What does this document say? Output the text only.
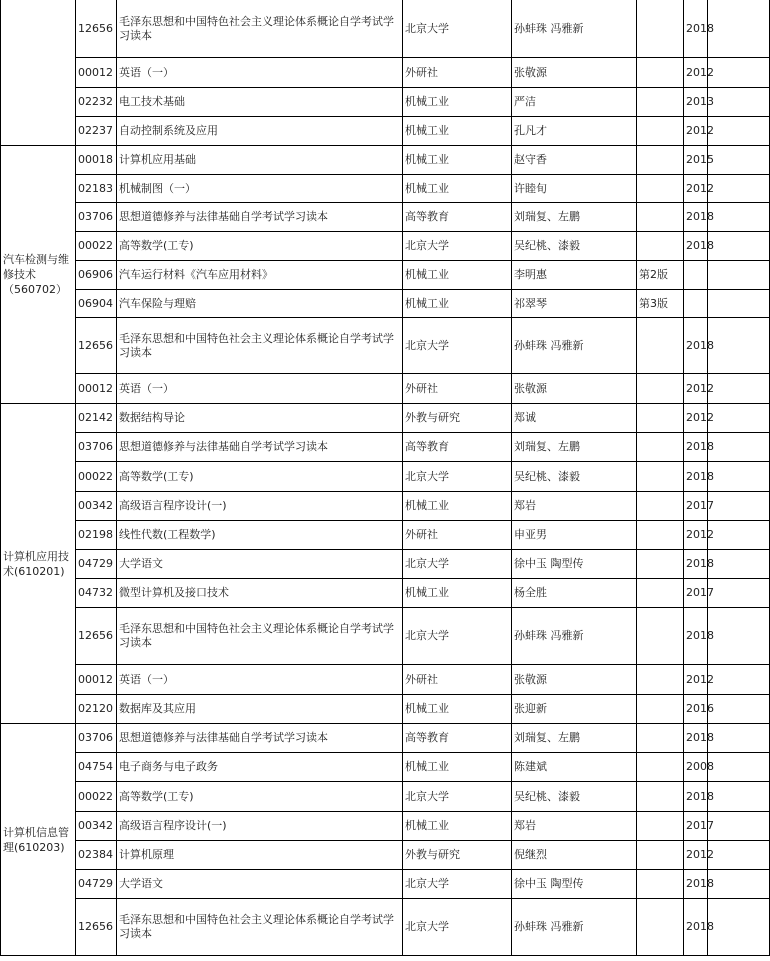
	12656	毛泽东思想和中国特色社会主义理论体系概论自学考试学习读本	北京大学	孙蚌珠 冯雅新		2018	
	00012	英语（一）	外研社	张敬源		2012	
	02232	电工技术基础	机械工业	严洁		2013	
	02237	自动控制系统及应用	机械工业	孔凡才		2012	
汽车检测与维修技术（560702）	00018	计算机应用基础	机械工业	赵守香		2015	
	02183	机械制图（一）	机械工业	许睦旬		2012	
	03706	思想道德修养与法律基础自学考试学习读本	高等教育	刘瑞复、左鹏		2018	
	00022	高等数学(工专)	北京大学	吴纪桃、漆毅		2018	
	06906	汽车运行材料《汽车应用材料》	机械工业	李明惠	第2版		
	06904	汽车保险与理赔	机械工业	祁翠琴	第3版		
	12656	毛泽东思想和中国特色社会主义理论体系概论自学考试学习读本	北京大学	孙蚌珠 冯雅新		2018	
	00012	英语（一）	外研社	张敬源		2012	
计算机应用技术(610201)	02142	数据结构导论	外教与研究	郑诚		2012	
	03706	思想道德修养与法律基础自学考试学习读本	高等教育	刘瑞复、左鹏		2018	
	00022	高等数学(工专)	北京大学	吴纪桃、漆毅		2018	
	00342	高级语言程序设计(一)	机械工业	郑岩		2017	
	02198	线性代数(工程数学)	外研社	申亚男		2012	
	04729	大学语文	北京大学	徐中玉 陶型传		2018	
	04732	微型计算机及接口技术	机械工业	杨全胜		2017	
	12656	毛泽东思想和中国特色社会主义理论体系概论自学考试学习读本	北京大学	孙蚌珠 冯雅新		2018	
	00012	英语（一）	外研社	张敬源		2012	
	02120	数据库及其应用	机械工业	张迎新		2016	
计算机信息管理(610203)	03706	思想道德修养与法律基础自学考试学习读本	高等教育	刘瑞复、左鹏		2018	
	04754	电子商务与电子政务	机械工业	陈建斌		2008	
	00022	高等数学(工专)	北京大学	吴纪桃、漆毅		2018	
	00342	高级语言程序设计(一)	机械工业	郑岩		2017	
	02384	计算机原理	外教与研究	倪继烈		2012	
	04729	大学语文	北京大学	徐中玉 陶型传		2018	
	12656	毛泽东思想和中国特色社会主义理论体系概论自学考试学习读本	北京大学	孙蚌珠 冯雅新		2018	
